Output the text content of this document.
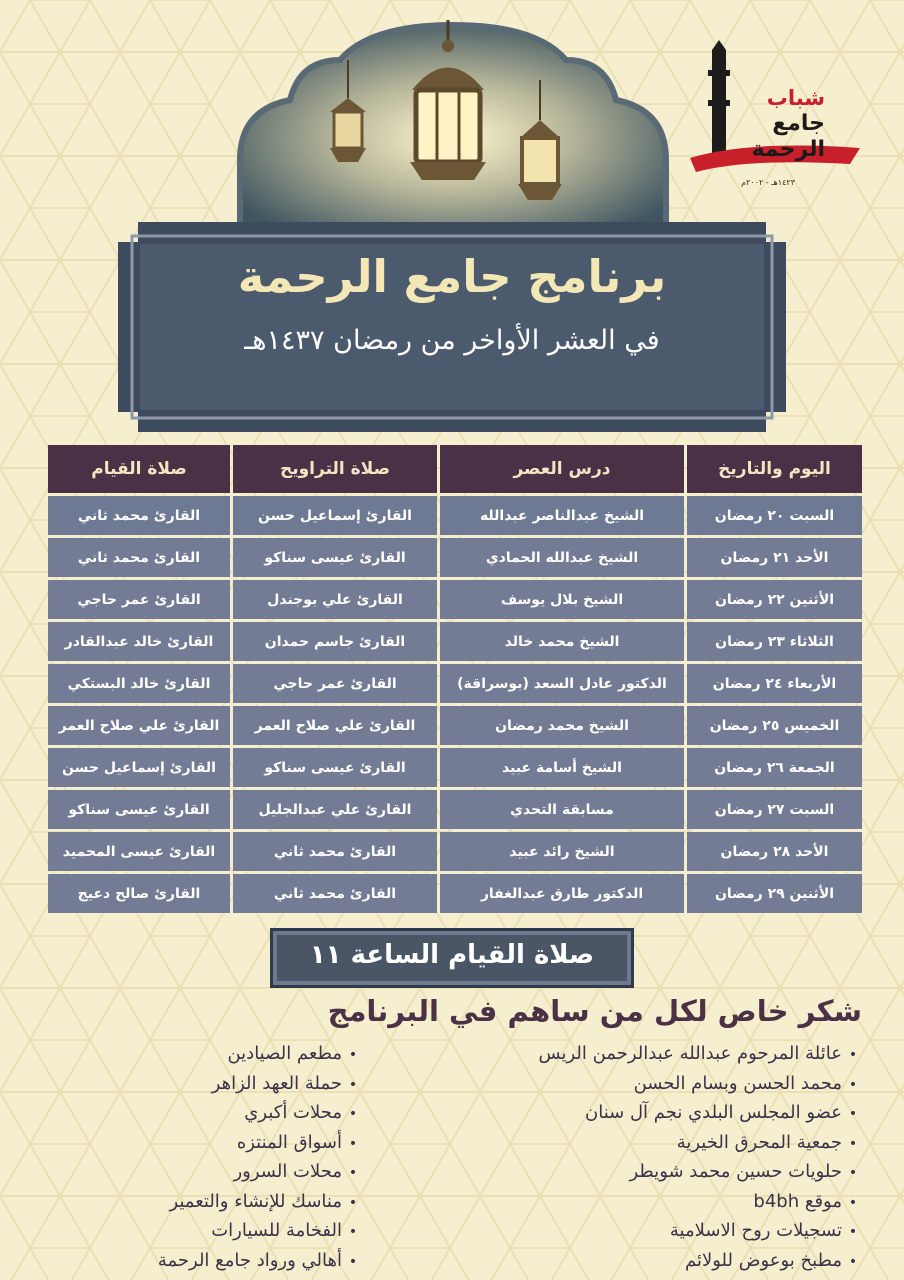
شباب
جامع
الرحمة
١٤٢٣هـ - ٢٠٠٢م
برنامج جامع الرحمة
في العشر الأواخر من رمضان ١٤٣٧هـ
اليوم والتاريخ	درس العصر	صلاة التراويح	صلاة القيام
السبت ٢٠ رمضان	الشيخ عبدالناصر عبدالله	القارئ إسماعيل حسن	القارئ محمد ثاني
الأحد ٢١ رمضان	الشيخ عبدالله الحمادي	القارئ عيسى سناكو	القارئ محمد ثاني
الأثنين ٢٢ رمضان	الشيخ بلال يوسف	القارئ علي بوجندل	القارئ عمر حاجي
الثلاثاء ٢٣ رمضان	الشيخ محمد خالد	القارئ جاسم حمدان	القارئ خالد عبدالقادر
الأربعاء ٢٤ رمضان	الدكتور عادل السعد (بوسراقة)	القارئ عمر حاجي	القارئ خالد البستكي
الخميس ٢٥ رمضان	الشيخ محمد رمضان	القارئ علي صلاح العمر	القارئ علي صلاح العمر
الجمعة ٢٦ رمضان	الشيخ أسامة عبيد	القارئ عيسى سناكو	القارئ إسماعيل حسن
السبت ٢٧ رمضان	مسابقة التحدي	القارئ علي عبدالجليل	القارئ عيسى سناكو
الأحد ٢٨ رمضان	الشيخ رائد عبيد	القارئ محمد ثاني	القارئ عيسى المحميد
الأثنين ٢٩ رمضان	الدكتور طارق عبدالغفار	القارئ محمد ثاني	القارئ صالح دعيج
صلاة القيام الساعة ١١
شكر خاص لكل من ساهم في البرنامج
•عائلة المرحوم عبدالله عبدالرحمن الريس
•محمد الحسن وبسام الحسن
•عضو المجلس البلدي نجم آل سنان
•جمعية المحرق الخيرية
•حلويات حسين محمد شويطر
•موقع b4bh
•تسجيلات روح الاسلامية
•مطبخ بوعوض للولائم
•مطعم الصيادين
•حملة العهد الزاهر
•محلات أكبري
•أسواق المنتزه
•محلات السرور
•مناسك للإنشاء والتعمير
•الفخامة للسيارات
•أهالي ورواد جامع الرحمة
